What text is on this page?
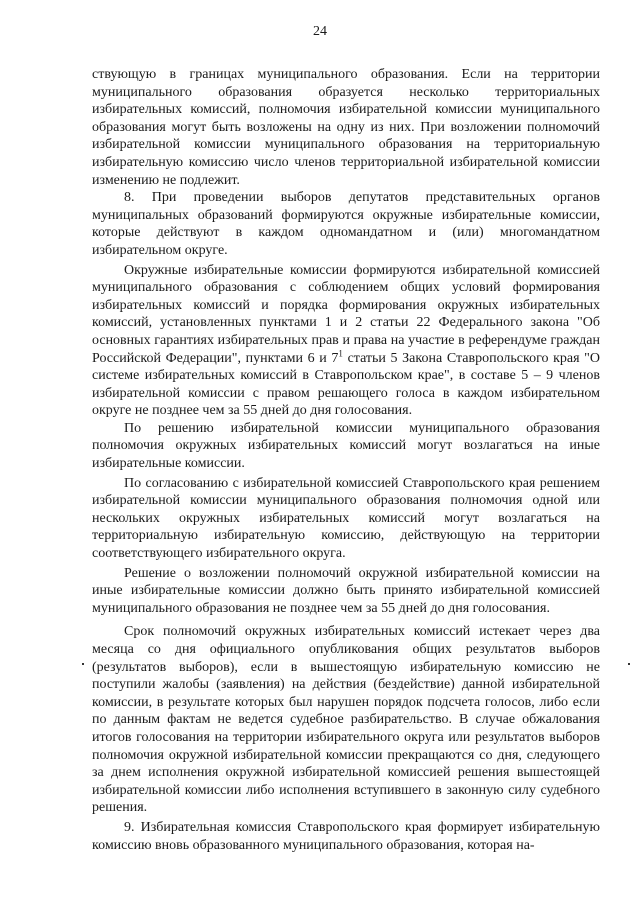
24

ствующую в границах муниципального образования. Если на территории муниципального образования образуется несколько территориальных избирательных комиссий, полномочия избирательной комиссии муниципального образования могут быть возложены на одну из них. При возложении полномочий избирательной комиссии муниципального образования на территориальную избирательную комиссию число членов территориальной избирательной комиссии изменению не подлежит.

8. При проведении выборов депутатов представительных органов муниципальных образований формируются окружные избирательные комиссии, которые действуют в каждом одномандатном и (или) многомандатном избирательном округе.

Окружные избирательные комиссии формируются избирательной комиссией муниципального образования с соблюдением общих условий формирования избирательных комиссий и порядка формирования окружных избирательных комиссий, установленных пунктами 1 и 2 статьи 22 Федерального закона "Об основных гарантиях избирательных прав и права на участие в референдуме граждан Российской Федерации", пунктами 6 и $7^1$ статьи 5 Закона Ставропольского края "О системе избирательных комиссий в Ставропольском крае", в составе 5 – 9 членов избирательной комиссии с правом решающего голоса в каждом избирательном округе не позднее чем за 55 дней до дня голосования.

По решению избирательной комиссии муниципального образования полномочия окружных избирательных комиссий могут возлагаться на иные избирательные комиссии.

По согласованию с избирательной комиссией Ставропольского края решением избирательной комиссии муниципального образования полномочия одной или нескольких окружных избирательных комиссий могут возлагаться на территориальную избирательную комиссию, действующую на территории соответствующего избирательного округа.

Решение о возложении полномочий окружной избирательной комиссии на иные избирательные комиссии должно быть принято избирательной комиссией муниципального образования не позднее чем за 55 дней до дня голосования.

Срок полномочий окружных избирательных комиссий истекает через два месяца со дня официального опубликования общих результатов выборов (результатов выборов), если в вышестоящую избирательную комиссию не поступили жалобы (заявления) на действия (бездействие) данной избирательной комиссии, в результате которых был нарушен порядок подсчета голосов, либо если по данным фактам не ведется судебное разбирательство. В случае обжалования итогов голосования на территории избирательного округа или результатов выборов полномочия окружной избирательной комиссии прекращаются со дня, следующего за днем исполнения окружной избирательной комиссией решения вышестоящей избирательной комиссии либо исполнения вступившего в законную силу судебного решения.

9. Избирательная комиссия Ставропольского края формирует избирательную комиссию вновь образованного муниципального образования, которая на-
